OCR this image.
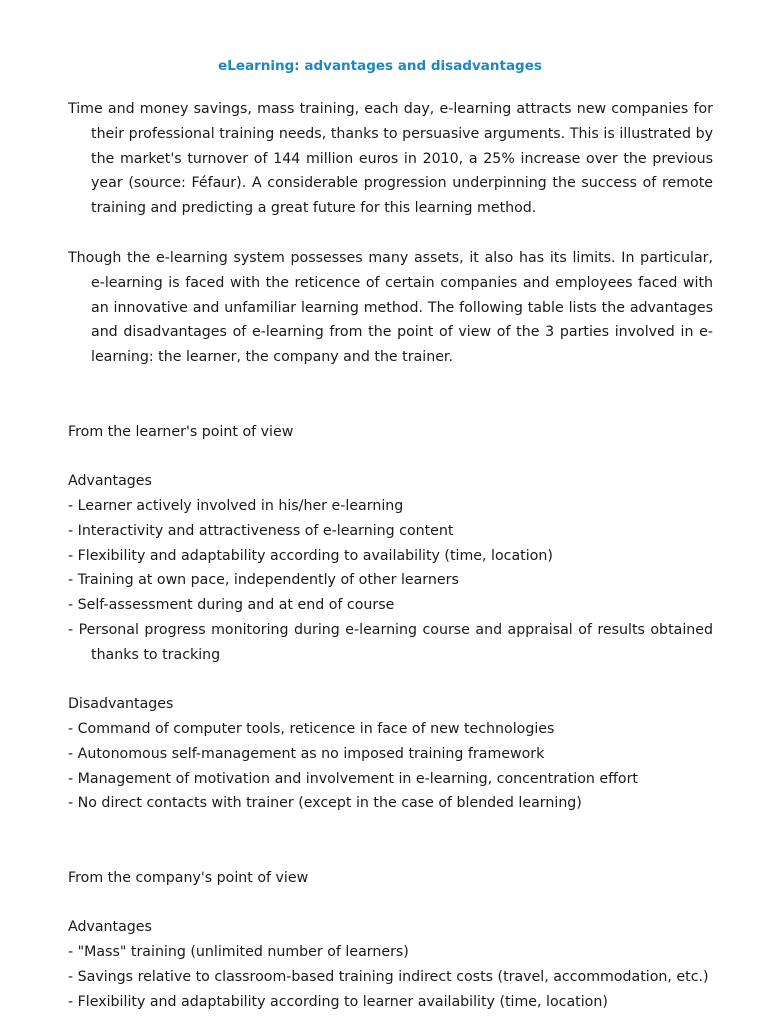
eLearning: advantages and disadvantages

Time and money savings, mass training, each day, e-learning attracts new companies for their professional training needs, thanks to persuasive arguments. This is illustrated by the market's turnover of 144 million euros in 2010, a 25% increase over the previous year (source: Féfaur). A considerable progression underpinning the success of remote training and predicting a great future for this learning method.

Though the e-learning system possesses many assets, it also has its limits. In particular, e-learning is faced with the reticence of certain companies and employees faced with an innovative and unfamiliar learning method. The following table lists the advantages and disadvantages of e-learning from the point of view of the 3 parties involved in e-learning: the learner, the company and the trainer.

From the learner's point of view
Advantages

- Learner actively involved in his/her e-learning

- Interactivity and attractiveness of e-learning content

- Flexibility and adaptability according to availability (time, location)

- Training at own pace, independently of other learners

- Self-assessment during and at end of course

- Personal progress monitoring during e-learning course and appraisal of results obtained thanks to tracking

Disadvantages

- Command of computer tools, reticence in face of new technologies

- Autonomous self-management as no imposed training framework

- Management of motivation and involvement in e-learning, concentration effort

- No direct contacts with trainer (except in the case of blended learning)

From the company's point of view
Advantages

- "Mass" training (unlimited number of learners)

- Savings relative to classroom-based training indirect costs (travel, accommodation, etc.)

- Flexibility and adaptability according to learner availability (time, location)
